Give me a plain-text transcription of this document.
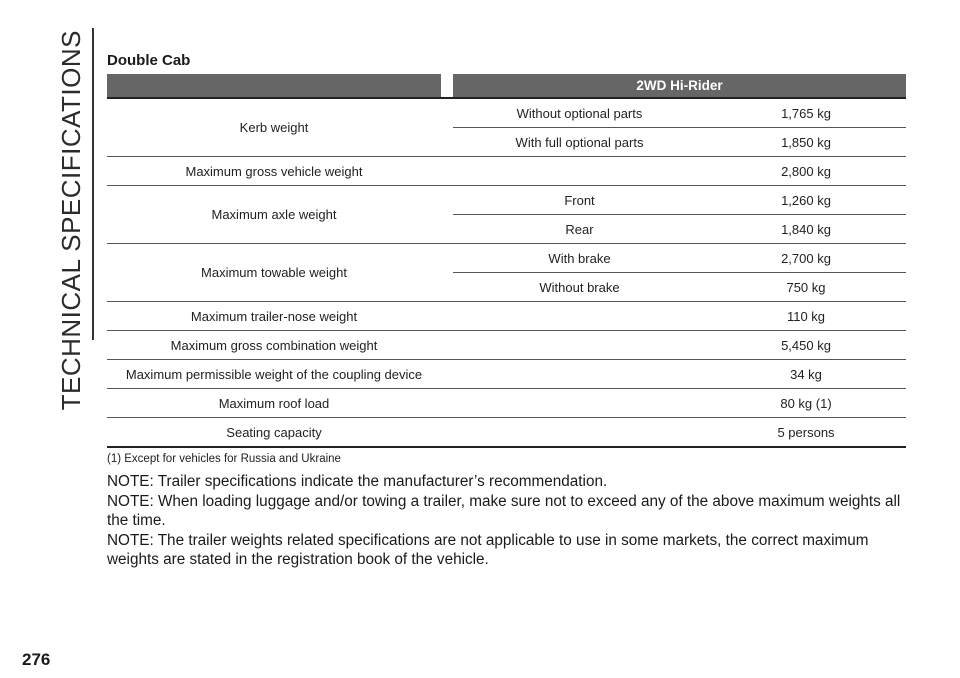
TECHNICAL SPECIFICATIONS Double Cab
2WD Hi-Rider
Kerb weight
Without optional parts	1,765 kg
With full optional parts	1,850 kg
Maximum gross vehicle weight	2,800 kg
Maximum axle weight
Front	1,260 kg
Rear	1,840 kg
Maximum towable weight
With brake	2,700 kg
Without brake	750 kg
Maximum trailer-nose weight	110 kg
Maximum gross combination weight	5,450 kg
Maximum permissible weight of the coupling device	34 kg
Maximum roof load	80 kg (1)
Seating capacity	5 persons
(1) Except for vehicles for Russia and Ukraine

NOTE: Trailer specifications indicate the manufacturer’s recommendation.

NOTE: When loading luggage and/or towing a trailer, make sure not to exceed any of the above maximum weights all the time.

NOTE: The trailer weights related specifications are not applicable to use in some markets, the correct maximum weights are stated in the registration book of the vehicle.

276
